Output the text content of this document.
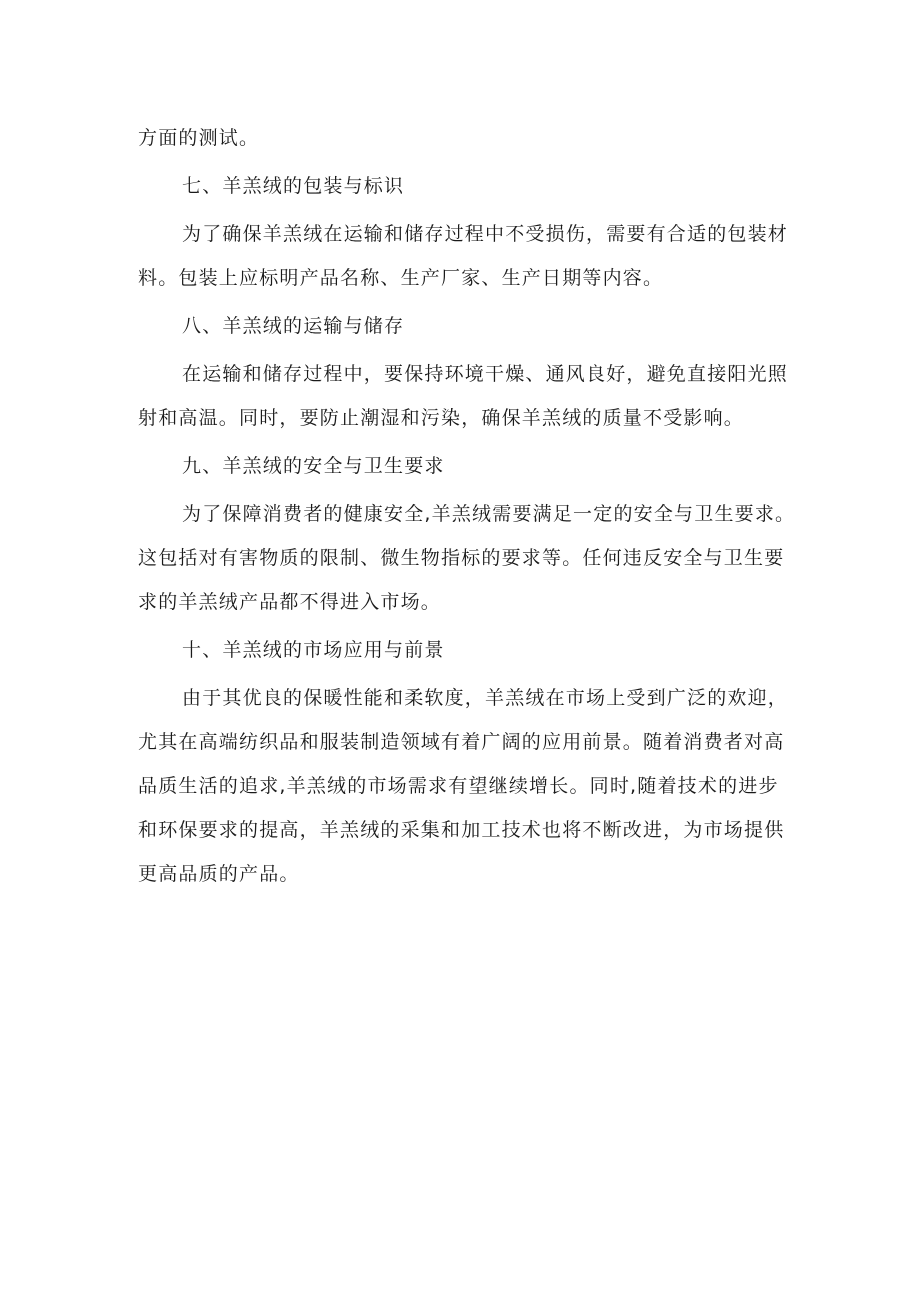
方面的测试。
七、羊羔绒的包装与标识
为了确保羊羔绒在运输和储存过程中不受损伤，需要有合适的包装材
料。包装上应标明产品名称、生产厂家、生产日期等内容。
八、羊羔绒的运输与储存
在运输和储存过程中，要保持环境干燥、通风良好，避免直接阳光照
射和高温。同时，要防止潮湿和污染，确保羊羔绒的质量不受影响。
九、羊羔绒的安全与卫生要求
为了保障消费者的健康安全,羊羔绒需要满足一定的安全与卫生要求。
这包括对有害物质的限制、微生物指标的要求等。任何违反安全与卫生要
求的羊羔绒产品都不得进入市场。
十、羊羔绒的市场应用与前景
由于其优良的保暖性能和柔软度，羊羔绒在市场上受到广泛的欢迎，
尤其在高端纺织品和服装制造领域有着广阔的应用前景。随着消费者对高
品质生活的追求,羊羔绒的市场需求有望继续增长。同时,随着技术的进步
和环保要求的提高，羊羔绒的采集和加工技术也将不断改进，为市场提供
更高品质的产品。
